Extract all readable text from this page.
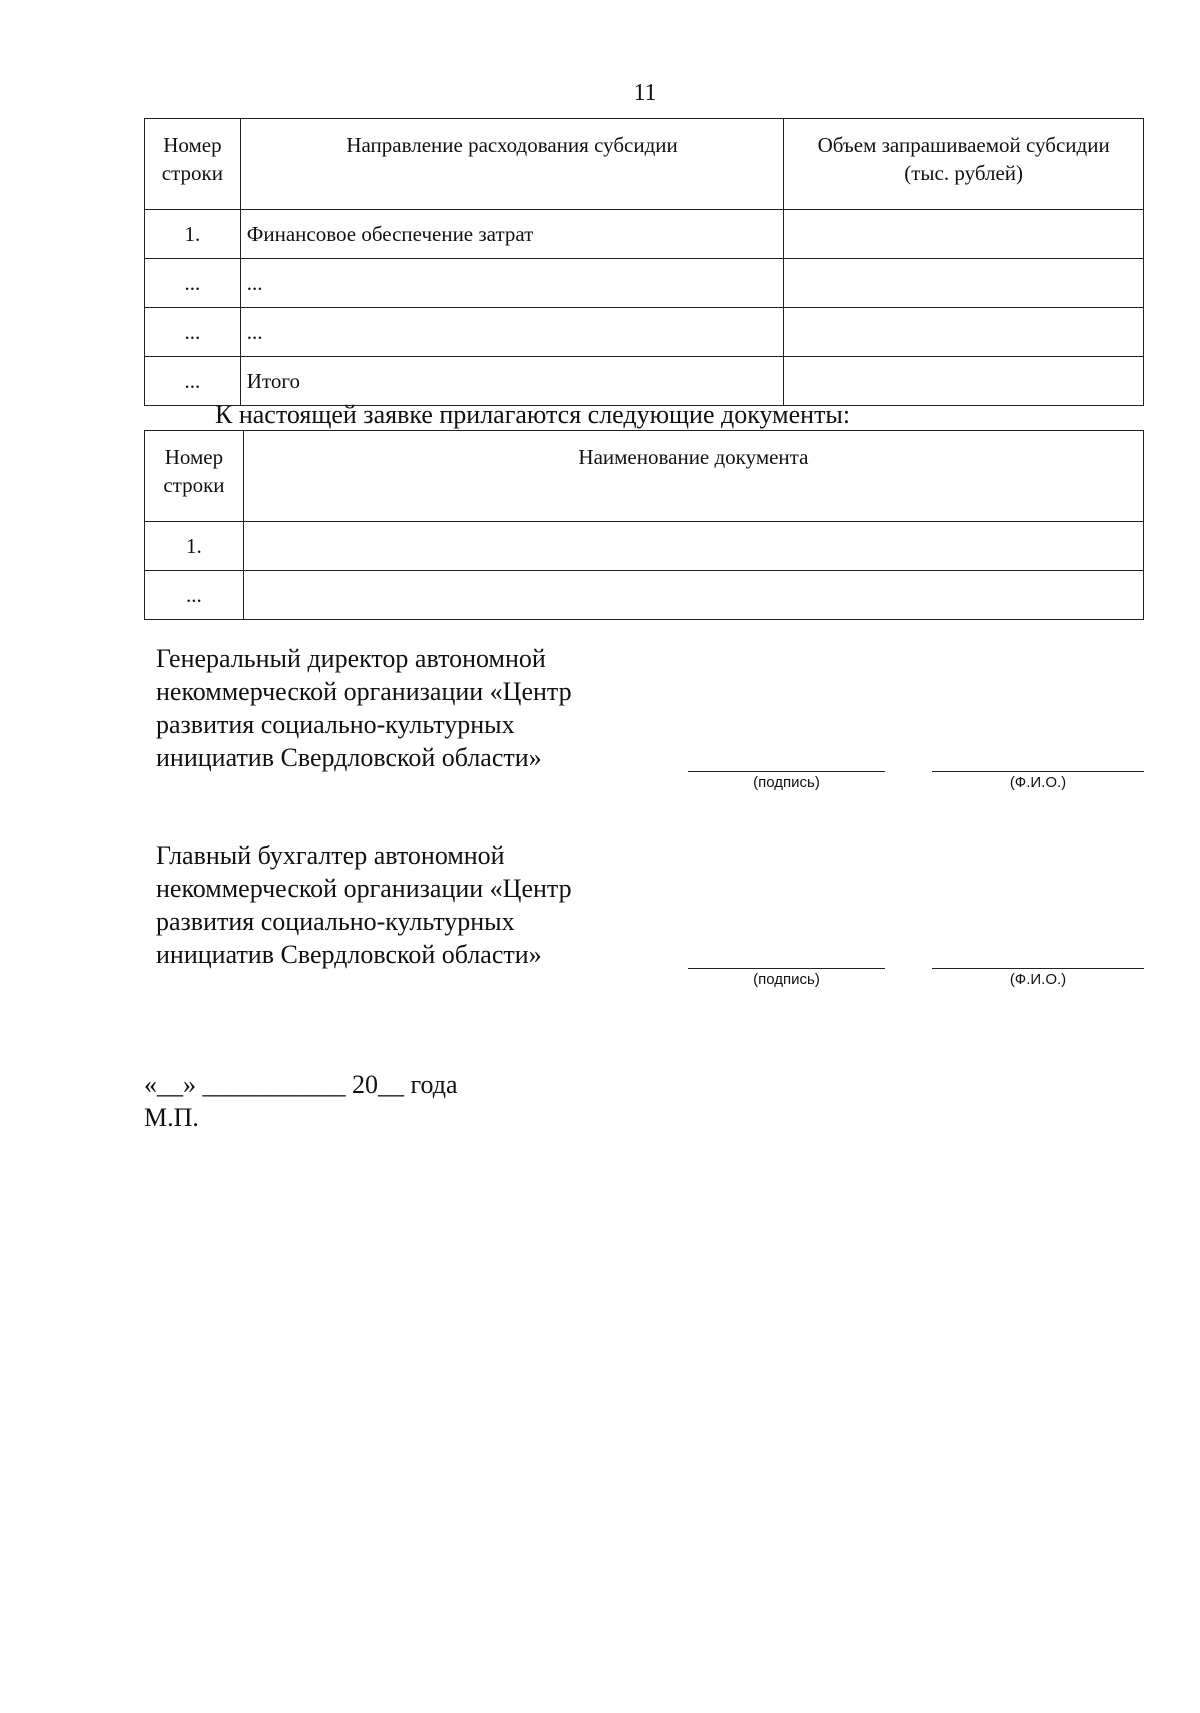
11
Номер
строки	Направление расходования субсидии	Объем запрашиваемой субсидии
(тыс. рублей)
1.	Финансовое обеспечение затрат	
...	...	
...	...	
...	Итого	
К настоящей заявке прилагаются следующие документы:
Номер
строки	Наименование документа
1.	
...	
Генеральный директор автономной
некоммерческой организации «Центр
развития социально-культурных
инициатив Свердловской области»
(подпись)	(Ф.И.О.)
Главный бухгалтер автономной
некоммерческой организации «Центр
развития социально-культурных
инициатив Свердловской области»
(подпись)	(Ф.И.О.)
«__» ___________ 20__ года
М.П.
